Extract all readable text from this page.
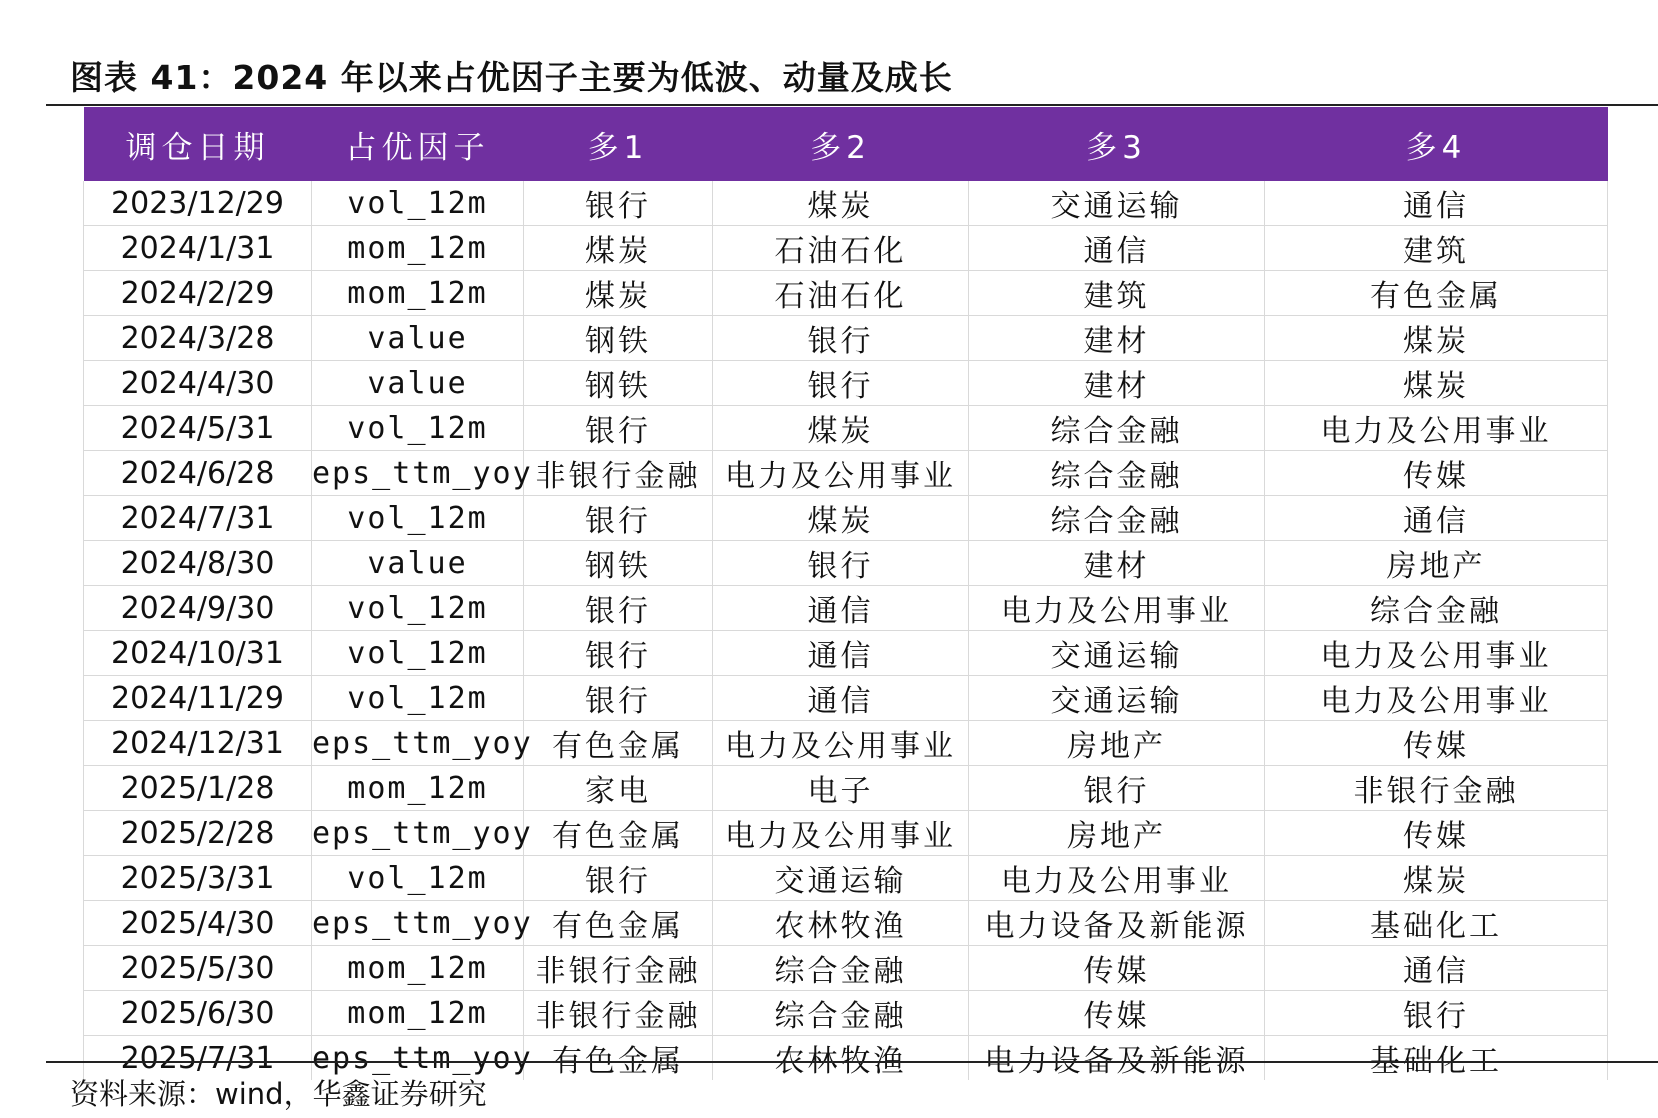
图表 41：2024 年以来占优因子主要为低波、动量及成长
调仓日期	占优因子	多1	多2	多3	多4
2023/12/29	vol_12m	银行	煤炭	交通运输	通信
2024/1/31	mom_12m	煤炭	石油石化	通信	建筑
2024/2/29	mom_12m	煤炭	石油石化	建筑	有色金属
2024/3/28	value	钢铁	银行	建材	煤炭
2024/4/30	value	钢铁	银行	建材	煤炭
2024/5/31	vol_12m	银行	煤炭	综合金融	电力及公用事业
2024/6/28	eps_ttm_yoy	非银行金融	电力及公用事业	综合金融	传媒
2024/7/31	vol_12m	银行	煤炭	综合金融	通信
2024/8/30	value	钢铁	银行	建材	房地产
2024/9/30	vol_12m	银行	通信	电力及公用事业	综合金融
2024/10/31	vol_12m	银行	通信	交通运输	电力及公用事业
2024/11/29	vol_12m	银行	通信	交通运输	电力及公用事业
2024/12/31	eps_ttm_yoy	有色金属	电力及公用事业	房地产	传媒
2025/1/28	mom_12m	家电	电子	银行	非银行金融
2025/2/28	eps_ttm_yoy	有色金属	电力及公用事业	房地产	传媒
2025/3/31	vol_12m	银行	交通运输	电力及公用事业	煤炭
2025/4/30	eps_ttm_yoy	有色金属	农林牧渔	电力设备及新能源	基础化工
2025/5/30	mom_12m	非银行金融	综合金融	传媒	通信
2025/6/30	mom_12m	非银行金融	综合金融	传媒	银行
2025/7/31	eps_ttm_yoy	有色金属	农林牧渔	电力设备及新能源	基础化工
资料来源：wind，华鑫证券研究
